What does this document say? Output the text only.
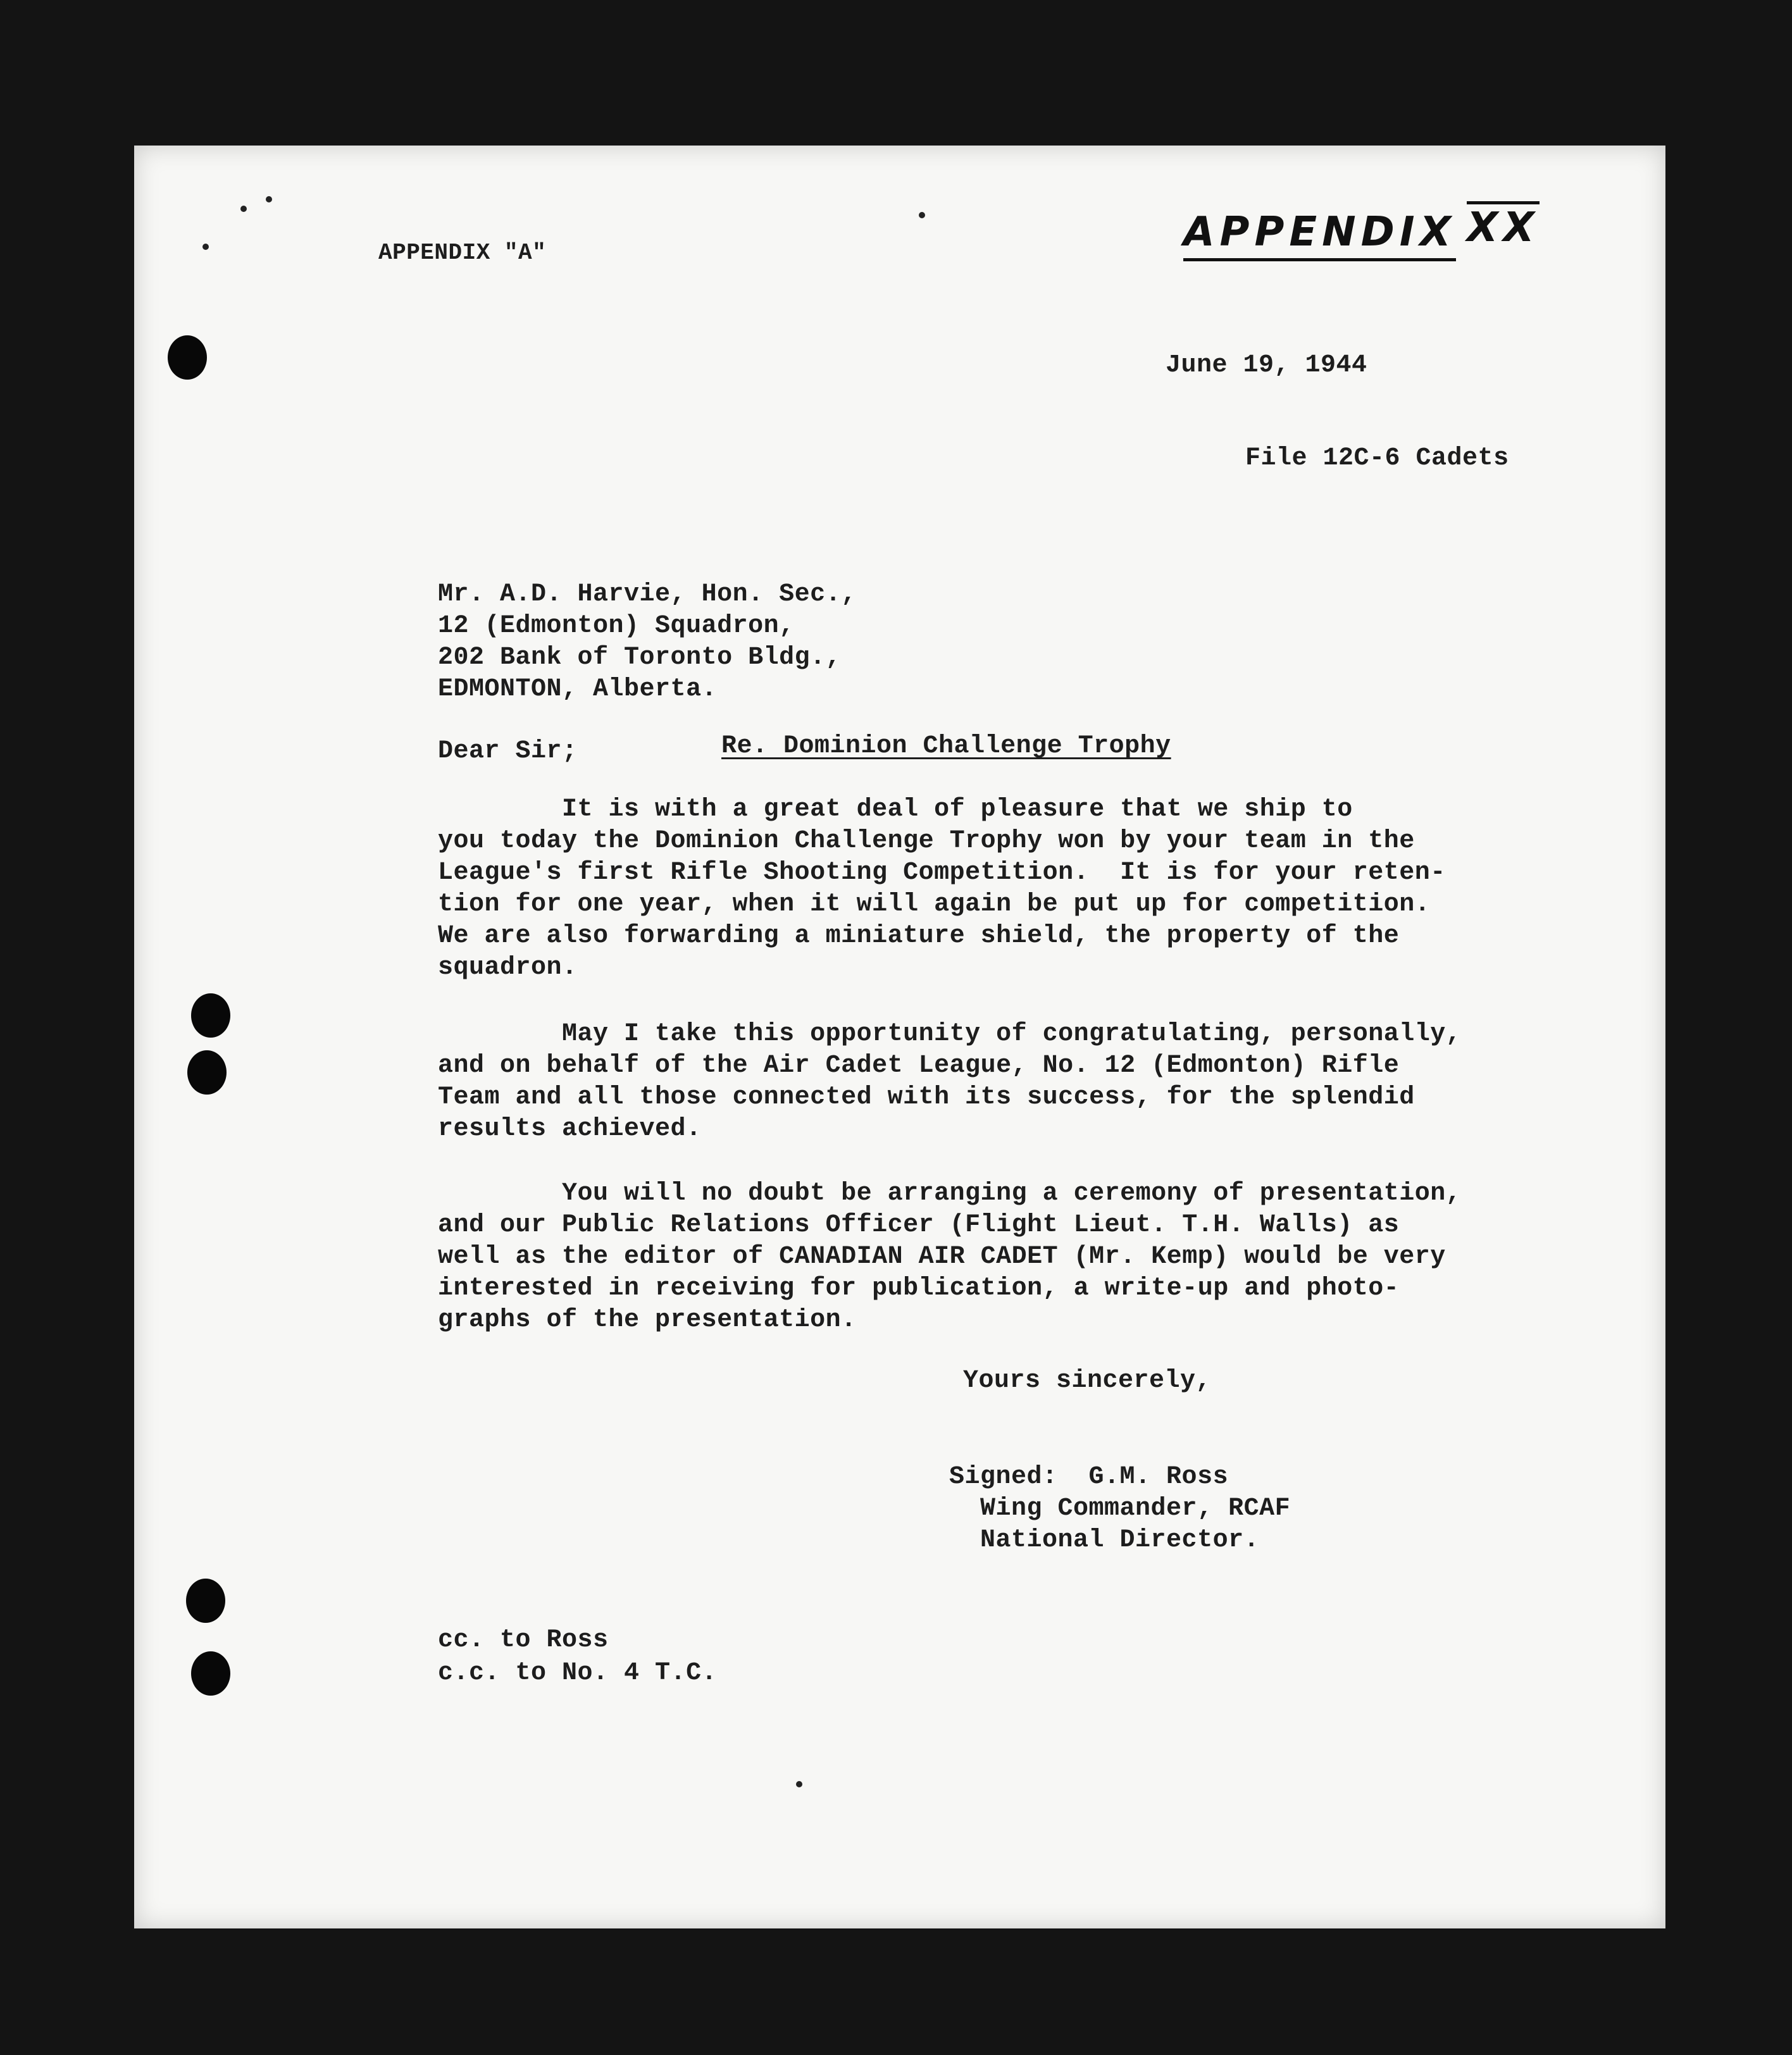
APPENDIX "A"	APPENDIX XX
June 19, 1944
File 12C-6 Cadets
Mr. A.D. Harvie, Hon. Sec.,
12 (Edmonton) Squadron,
202 Bank of Toronto Bldg.,
EDMONTON, Alberta.
Dear Sir;	Re. Dominion Challenge Trophy
It is with a great deal of pleasure that we ship to
you today the Dominion Challenge Trophy won by your team in the
League's first Rifle Shooting Competition.  It is for your reten-
tion for one year, when it will again be put up for competition.
We are also forwarding a miniature shield, the property of the
squadron.
May I take this opportunity of congratulating, personally,
and on behalf of the Air Cadet League, No. 12 (Edmonton) Rifle
Team and all those connected with its success, for the splendid
results achieved.
You will no doubt be arranging a ceremony of presentation,
and our Public Relations Officer (Flight Lieut. T.H. Walls) as
well as the editor of CANADIAN AIR CADET (Mr. Kemp) would be very
interested in receiving for publication, a write-up and photo-
graphs of the presentation.
Yours sincerely,
Signed:  G.M. Ross
Wing Commander, RCAF
National Director.
cc. to Ross
c.c. to No. 4 T.C.
